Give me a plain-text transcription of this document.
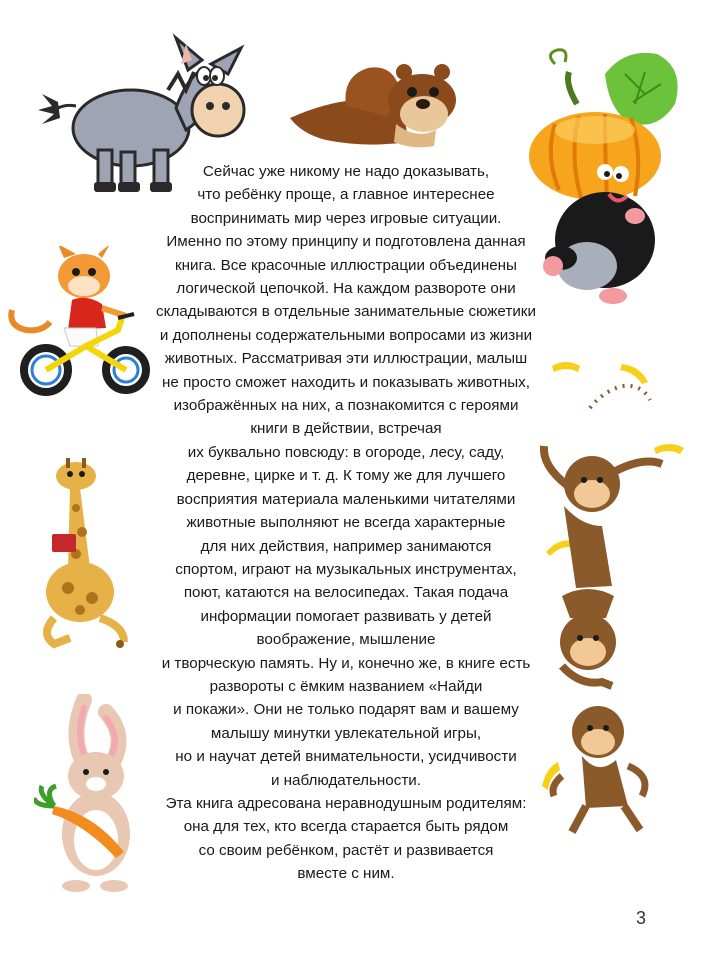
Сейчас уже никому не надо доказывать,
что ребёнку проще, а главное интереснее
воспринимать мир через игровые ситуации.
Именно по этому принципу и подготовлена данная
книга. Все красочные иллюстрации объединены
логической цепочкой. На каждом развороте они
складываются в отдельные занимательные сюжетики
и дополнены содержательными вопросами из жизни
животных. Рассматривая эти иллюстрации, малыш
не просто сможет находить и показывать животных,
изображённых на них, а познакомится с героями
книги в действии, встречая
их буквально повсюду: в огороде, лесу, саду,
деревне, цирке и т. д. К тому же для лучшего
восприятия материала маленькими читателями
животные выполняют не всегда характерные
для них действия, например занимаются
спортом, играют на музыкальных инструментах,
поют, катаются на велосипедах. Такая подача
информации помогает развивать у детей
воображение, мышление
и творческую память. Ну и, конечно же, в книге есть
развороты с ёмким названием «Найди
и покажи». Они не только подарят вам и вашему
малышу минутки увлекательной игры,
но и научат детей внимательности, усидчивости
и наблюдательности.
Эта книга адресована неравнодушным родителям:
она для тех, кто всегда старается быть рядом
со своим ребёнком, растёт и развивается
вместе с ним.
3
